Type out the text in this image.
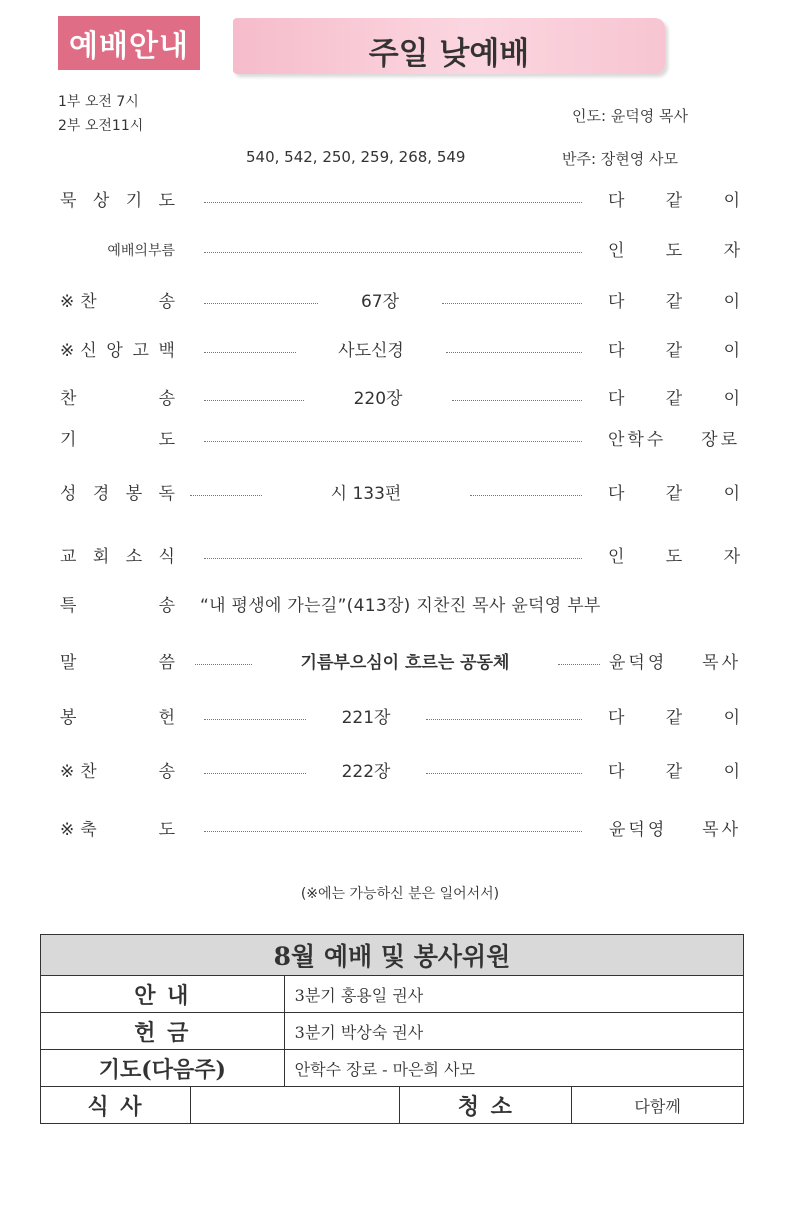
예배안내	주일 낮예배
1부 오전 7시
2부 오전11시
인도: 윤덕영 목사
540, 542, 250, 259, 268, 549	반주: 장현영 사모
묵 상 기 도	다 같 이
예배의부름	인 도 자
※ 찬	송	67장	다 같 이
※ 신 앙 고 백	사도신경	다 같 이
찬	송	220장	다 같 이
기	도	안학수 장로
성 경 봉 독	시 133편	다 같 이
교 회 소 식	인 도 자
특	송 “내 평생에 가는길”(413장) 지찬진 목사 윤덕영 부부
말	씀	기름부으심이 흐르는 공동체	윤덕영 목사
봉	헌	221장	다 같 이
※ 찬	송	222장	다 같 이
※ 축	도	윤덕영 목사
(※에는 가능하신 분은 일어서서)
8월 예배 및 봉사위원				
안 내		3분기 홍용일 권사		
헌 금		3분기 박상숙 권사		
기도(다음주)		안학수 장로 - 마은희 사모		
식 사			청 소	다함께
